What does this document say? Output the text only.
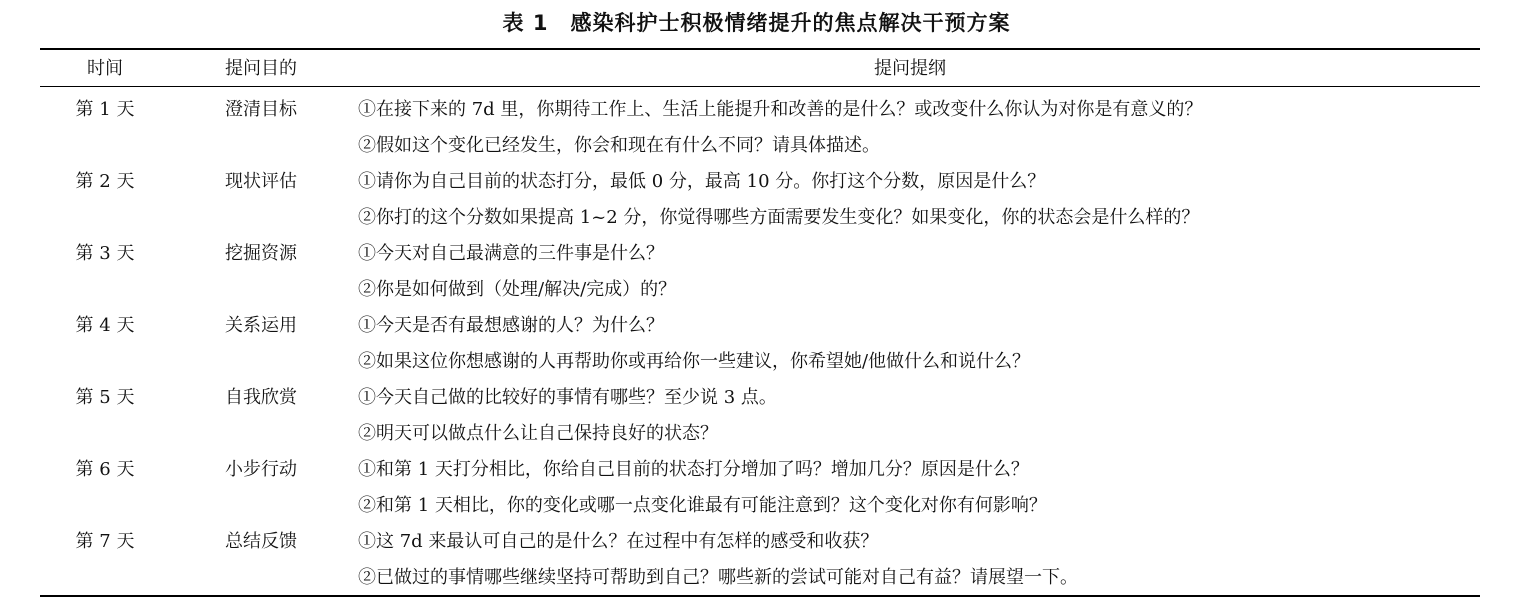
表 1　感染科护士积极情绪提升的焦点解决干预方案
时间	提问目的	提问提纲
第 1 天	澄清目标	①在接下来的 7d 里，你期待工作上、生活上能提升和改善的是什么？或改变什么你认为对你是有意义的？
②假如这个变化已经发生，你会和现在有什么不同？请具体描述。
第 2 天	现状评估	①请你为自己目前的状态打分，最低 0 分，最高 10 分。你打这个分数，原因是什么？
②你打的这个分数如果提高 1~2 分，你觉得哪些方面需要发生变化？如果变化，你的状态会是什么样的？
第 3 天	挖掘资源	①今天对自己最满意的三件事是什么？
②你是如何做到（处理/解决/完成）的？
第 4 天	关系运用	①今天是否有最想感谢的人？为什么？
②如果这位你想感谢的人再帮助你或再给你一些建议，你希望她/他做什么和说什么？
第 5 天	自我欣赏	①今天自己做的比较好的事情有哪些？至少说 3 点。
②明天可以做点什么让自己保持良好的状态？
第 6 天	小步行动	①和第 1 天打分相比，你给自己目前的状态打分增加了吗？增加几分？原因是什么？
②和第 1 天相比，你的变化或哪一点变化谁最有可能注意到？这个变化对你有何影响？
第 7 天	总结反馈	①这 7d 来最认可自己的是什么？在过程中有怎样的感受和收获？
②已做过的事情哪些继续坚持可帮助到自己？哪些新的尝试可能对自己有益？请展望一下。
